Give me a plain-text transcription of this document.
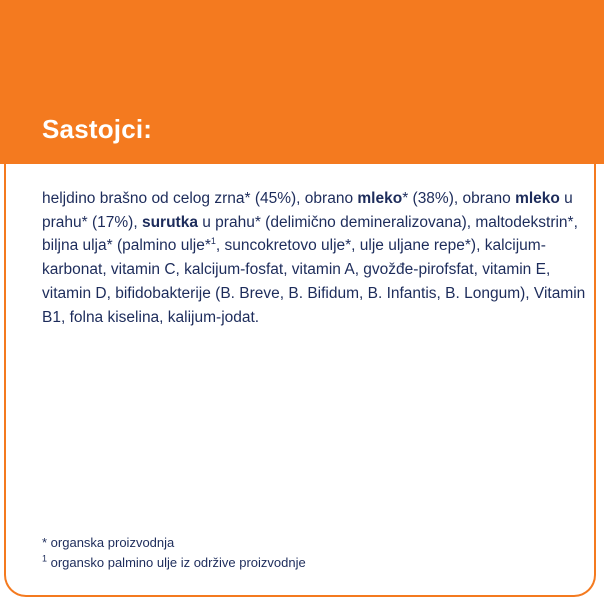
Sastojci:

heljdino brašno od celog zrna* (45%), obrano mleko* (38%), obrano mleko u prahu* (17%), surutka u prahu* (delimično demineralizovana), maltodekstrin*, biljna ulja* (palmino ulje*$^1$, suncokretovo ulje*, ulje uljane repe*), kalcijum-karbonat, vitamin C, kalcijum-fosfat, vitamin A, gvožđe-pirofsfat, vitamin E, vitamin D, bifidobakterije (B. Breve, B. Bifidum, B. Infantis, B. Longum), Vitamin B1, folna kiselina, kalijum-jodat.

* organska proizvodnja

$^1$ organsko palmino ulje iz održive proizvodnje
